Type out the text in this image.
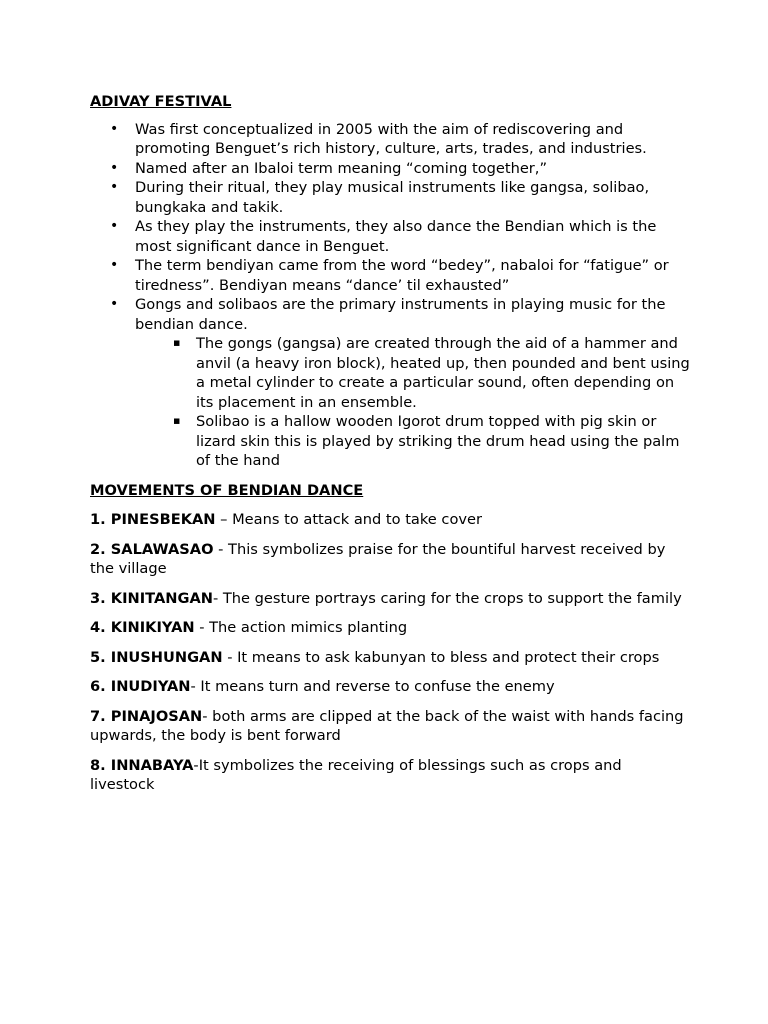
ADIVAY FESTIVAL
• Was first conceptualized in 2005 with the aim of rediscovering and promoting Benguet’s rich history, culture, arts, trades, and industries.
• Named after an Ibaloi term meaning “coming together,”
• During their ritual, they play musical instruments like gangsa, solibao, bungkaka and takik.
• As they play the instruments, they also dance the Bendian which is the most significant dance in Benguet.
• The term bendiyan came from the word “bedey”, nabaloi for “fatigue” or tiredness”. Bendiyan means “dance’ til exhausted”
• Gongs and solibaos are the primary instruments in playing music for the bendian dance.
▪ The gongs (gangsa) are created through the aid of a hammer and anvil (a heavy iron block), heated up, then pounded and bent using a metal cylinder to create a particular sound, often depending on its placement in an ensemble.
▪ Solibao is a hallow wooden Igorot drum topped with pig skin or lizard skin this is played by striking the drum head using the palm of the hand
MOVEMENTS OF BENDIAN DANCE
1. PINESBEKAN – Means to attack and to take cover
2. SALAWASAO - This symbolizes praise for the bountiful harvest received by the village
3. KINITANGAN- The gesture portrays caring for the crops to support the family
4. KINIKIYAN - The action mimics planting
5. INUSHUNGAN - It means to ask kabunyan to bless and protect their crops
6. INUDIYAN- It means turn and reverse to confuse the enemy
7. PINAJOSAN- both arms are clipped at the back of the waist with hands facing upwards, the body is bent forward
8. INNABAYA-It symbolizes the receiving of blessings such as crops and livestock
